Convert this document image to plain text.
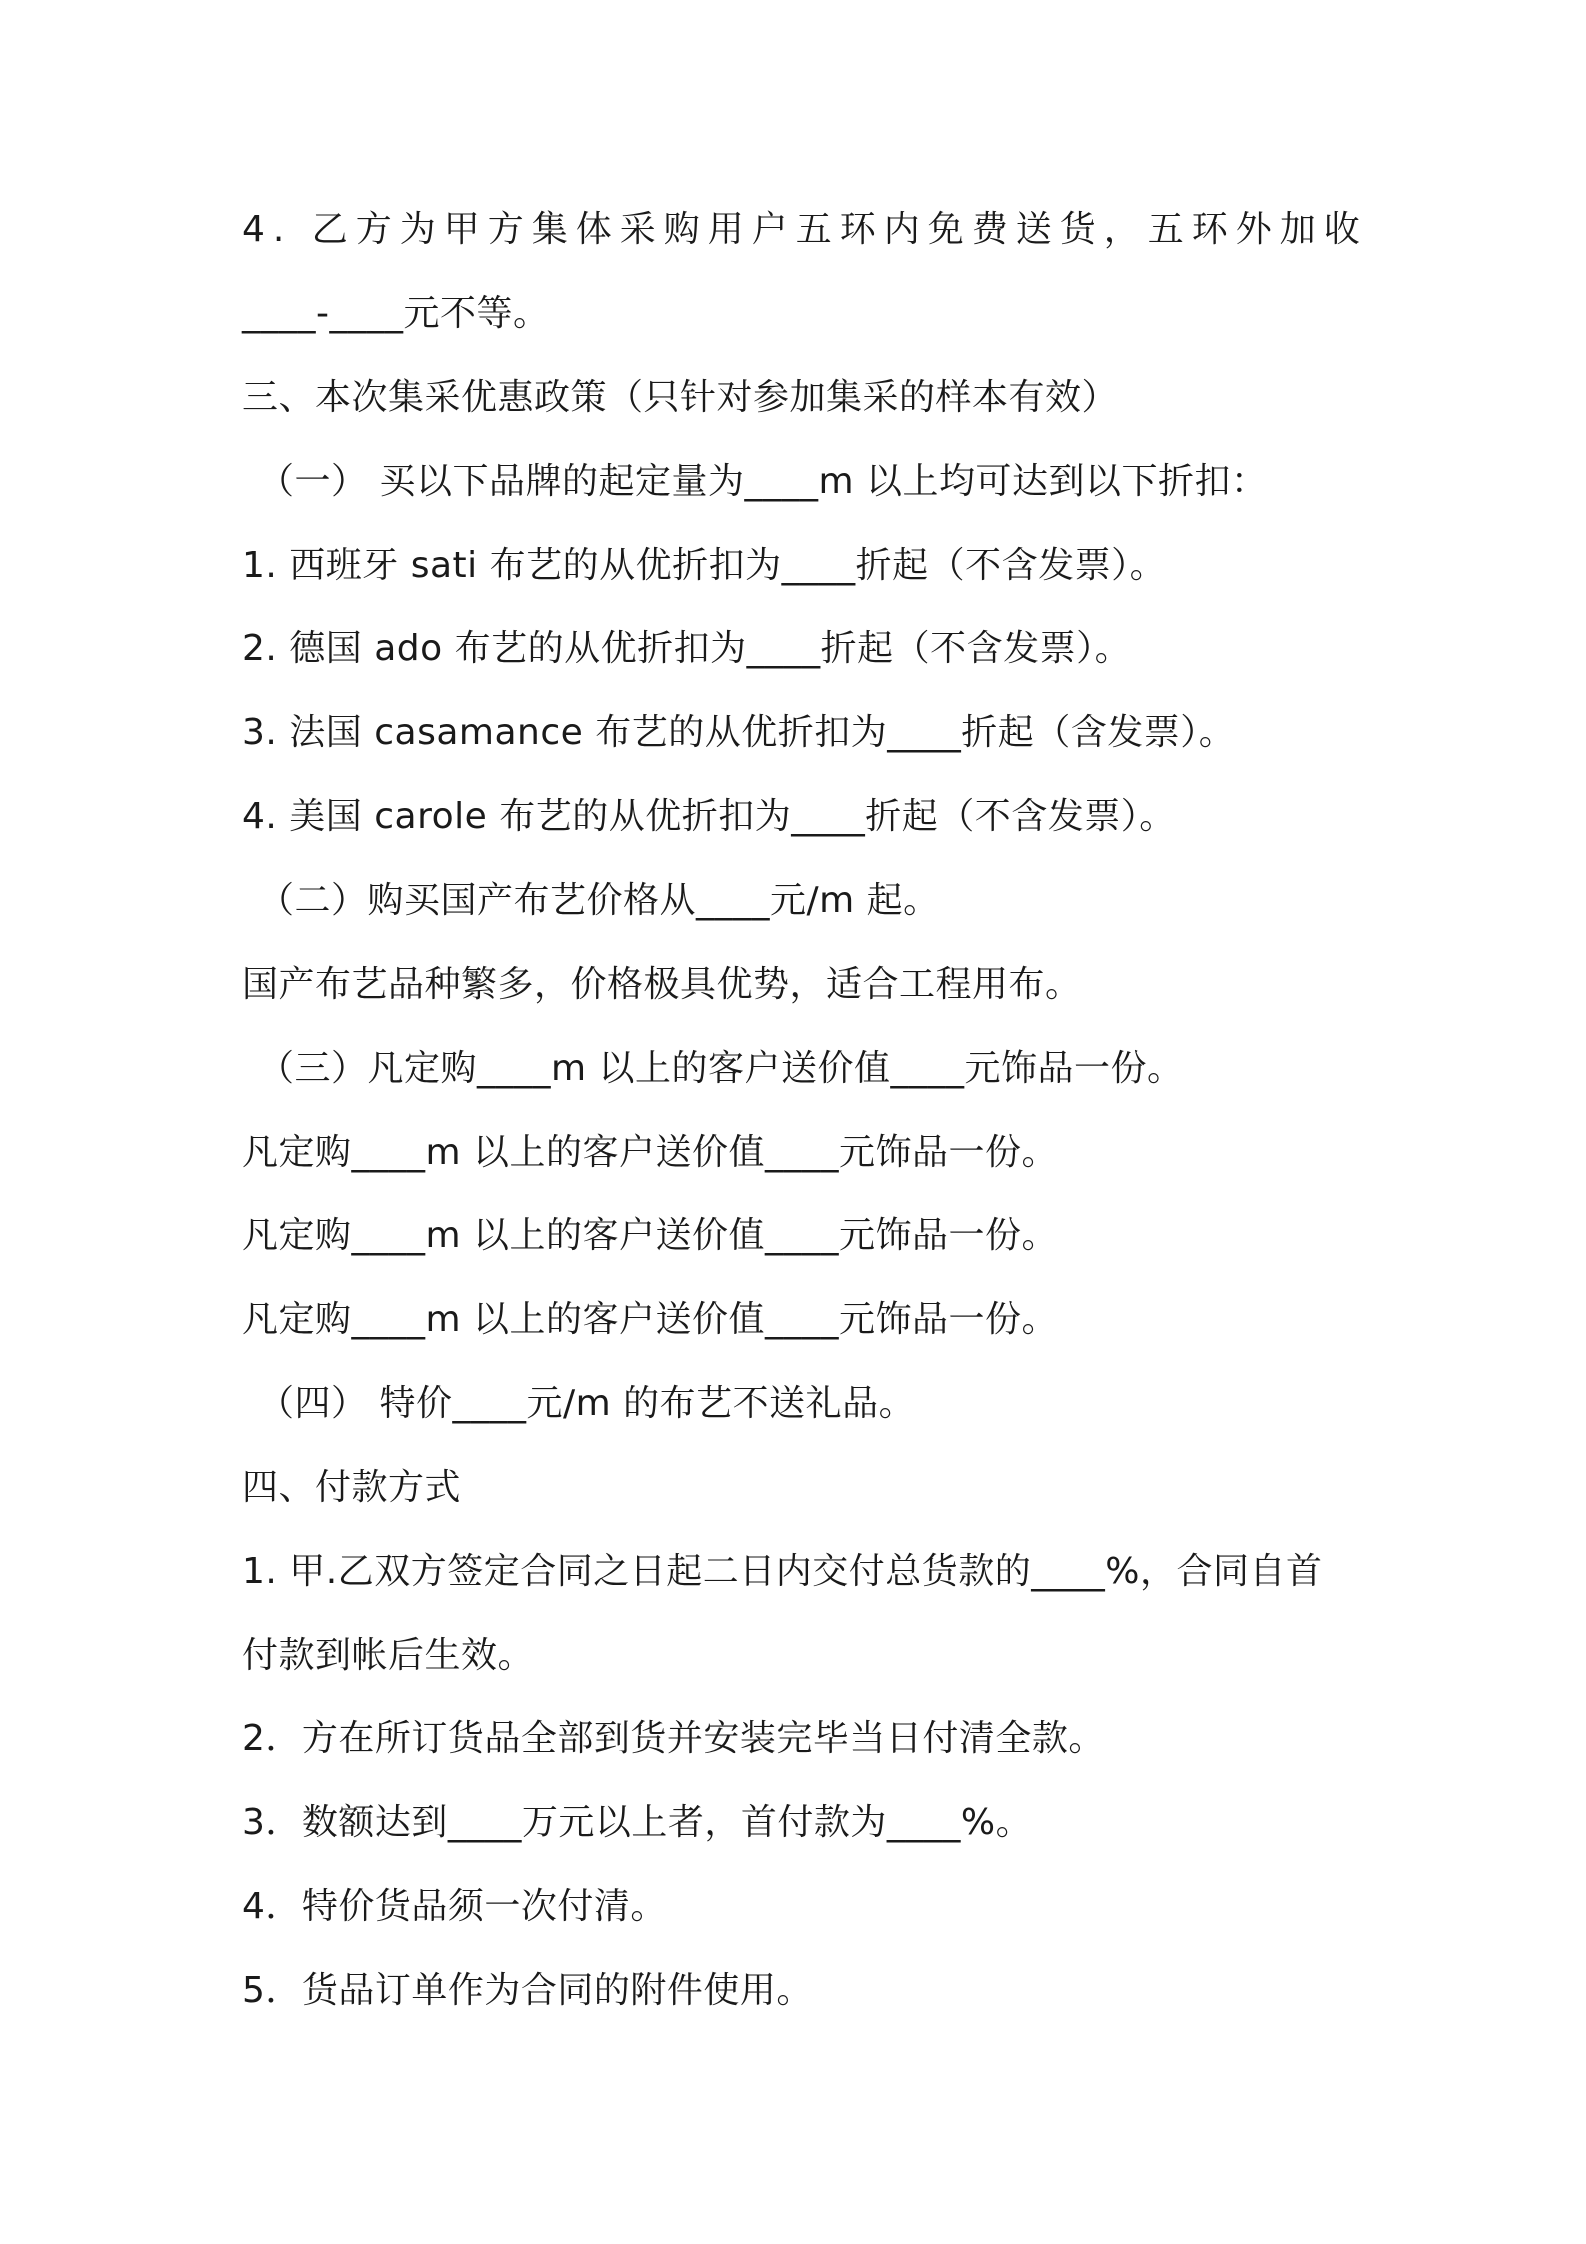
4. 乙方为甲方集体采购用户五环内免费送货，五环外加收
____-____元不等。
三、本次集采优惠政策（只针对参加集采的样本有效）
（一） 买以下品牌的起定量为____m 以上均可达到以下折扣：
1. 西班牙 sati 布艺的从优折扣为____折起（不含发票）。
2. 德国 ado 布艺的从优折扣为____折起（不含发票）。
3. 法国 casamance 布艺的从优折扣为____折起（含发票）。
4. 美国 carole 布艺的从优折扣为____折起（不含发票）。
（二）购买国产布艺价格从____元/m 起。
国产布艺品种繁多，价格极具优势，适合工程用布。
（三）凡定购____m 以上的客户送价值____元饰品一份。
凡定购____m 以上的客户送价值____元饰品一份。
凡定购____m 以上的客户送价值____元饰品一份。
凡定购____m 以上的客户送价值____元饰品一份。
（四） 特价____元/m 的布艺不送礼品。
四、付款方式
1. 甲.乙双方签定合同之日起二日内交付总货款的____%，合同自首
付款到帐后生效。
2．方在所订货品全部到货并安装完毕当日付清全款。
3．数额达到____万元以上者，首付款为____%。
4．特价货品须一次付清。
5．货品订单作为合同的附件使用。
